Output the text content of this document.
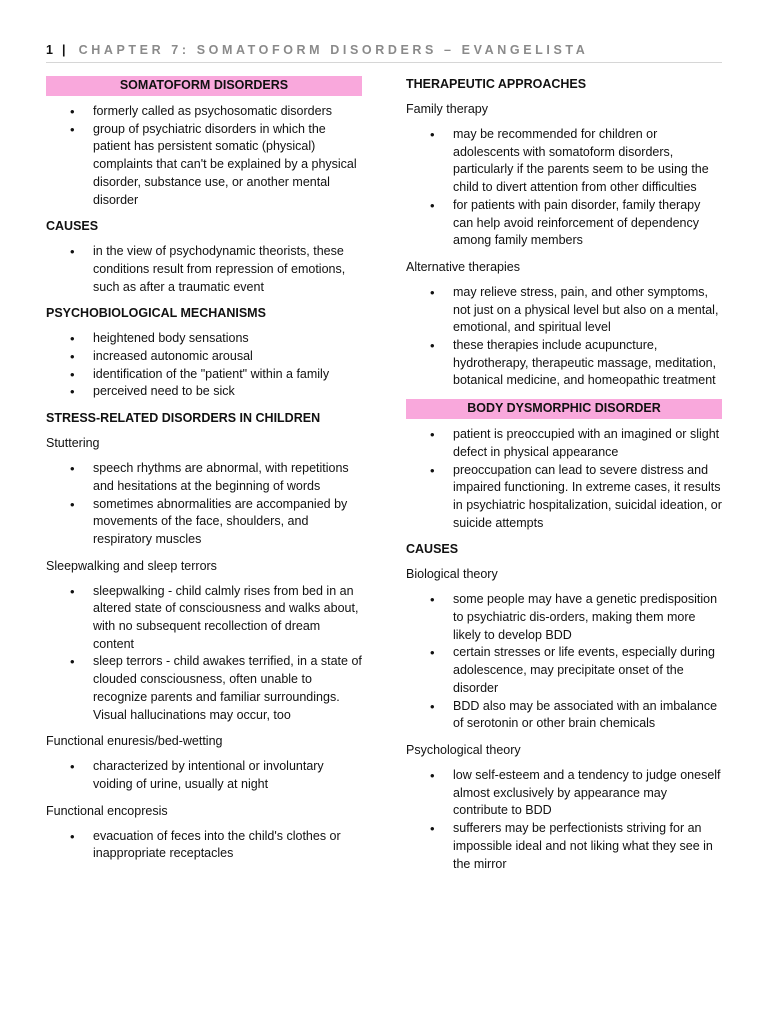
1 | CHAPTER 7: SOMATOFORM DISORDERS – EVANGELISTA
SOMATOFORM DISORDERS
• formerly called as psychosomatic disorders
• group of psychiatric disorders in which the patient has persistent somatic (physical) complaints that can't be explained by a physical disorder, substance use, or another mental disorder
CAUSES
• in the view of psychodynamic theorists, these conditions result from repression of emotions, such as after a traumatic event
PSYCHOBIOLOGICAL MECHANISMS
• heightened body sensations
• increased autonomic arousal
• identification of the "patient" within a family
• perceived need to be sick
STRESS-RELATED DISORDERS IN CHILDREN
Stuttering
• speech rhythms are abnormal, with repetitions and hesitations at the beginning of words
• sometimes abnormalities are accompanied by movements of the face, shoulders, and respiratory muscles
Sleepwalking and sleep terrors
• sleepwalking - child calmly rises from bed in an altered state of consciousness and walks about, with no subsequent recollection of dream content
• sleep terrors - child awakes terrified, in a state of clouded consciousness, often unable to recognize parents and familiar surroundings. Visual hallucinations may occur, too
Functional enuresis/bed-wetting
• characterized by intentional or involuntary voiding of urine, usually at night
Functional encopresis
• evacuation of feces into the child's clothes or inappropriate receptacles
THERAPEUTIC APPROACHES
Family therapy
• may be recommended for children or adolescents with somatoform disorders, particularly if the parents seem to be using the child to divert attention from other difficulties
• for patients with pain disorder, family therapy can help avoid reinforcement of dependency among family members
Alternative therapies
• may relieve stress, pain, and other symptoms, not just on a physical level but also on a mental, emotional, and spiritual level
• these therapies include acupuncture, hydrotherapy, therapeutic massage, meditation, botanical medicine, and homeopathic treatment
BODY DYSMORPHIC DISORDER
• patient is preoccupied with an imagined or slight defect in physical appearance
• preoccupation can lead to severe distress and impaired functioning. In extreme cases, it results in psychiatric hospitalization, suicidal ideation, or suicide attempts
CAUSES
Biological theory
• some people may have a genetic predisposition to psychiatric dis-orders, making them more likely to develop BDD
• certain stresses or life events, especially during adolescence, may precipitate onset of the disorder
• BDD also may be associated with an imbalance of serotonin or other brain chemicals
Psychological theory
• low self-esteem and a tendency to judge oneself almost exclusively by appearance may contribute to BDD
• sufferers may be perfectionists striving for an impossible ideal and not liking what they see in the mirror
